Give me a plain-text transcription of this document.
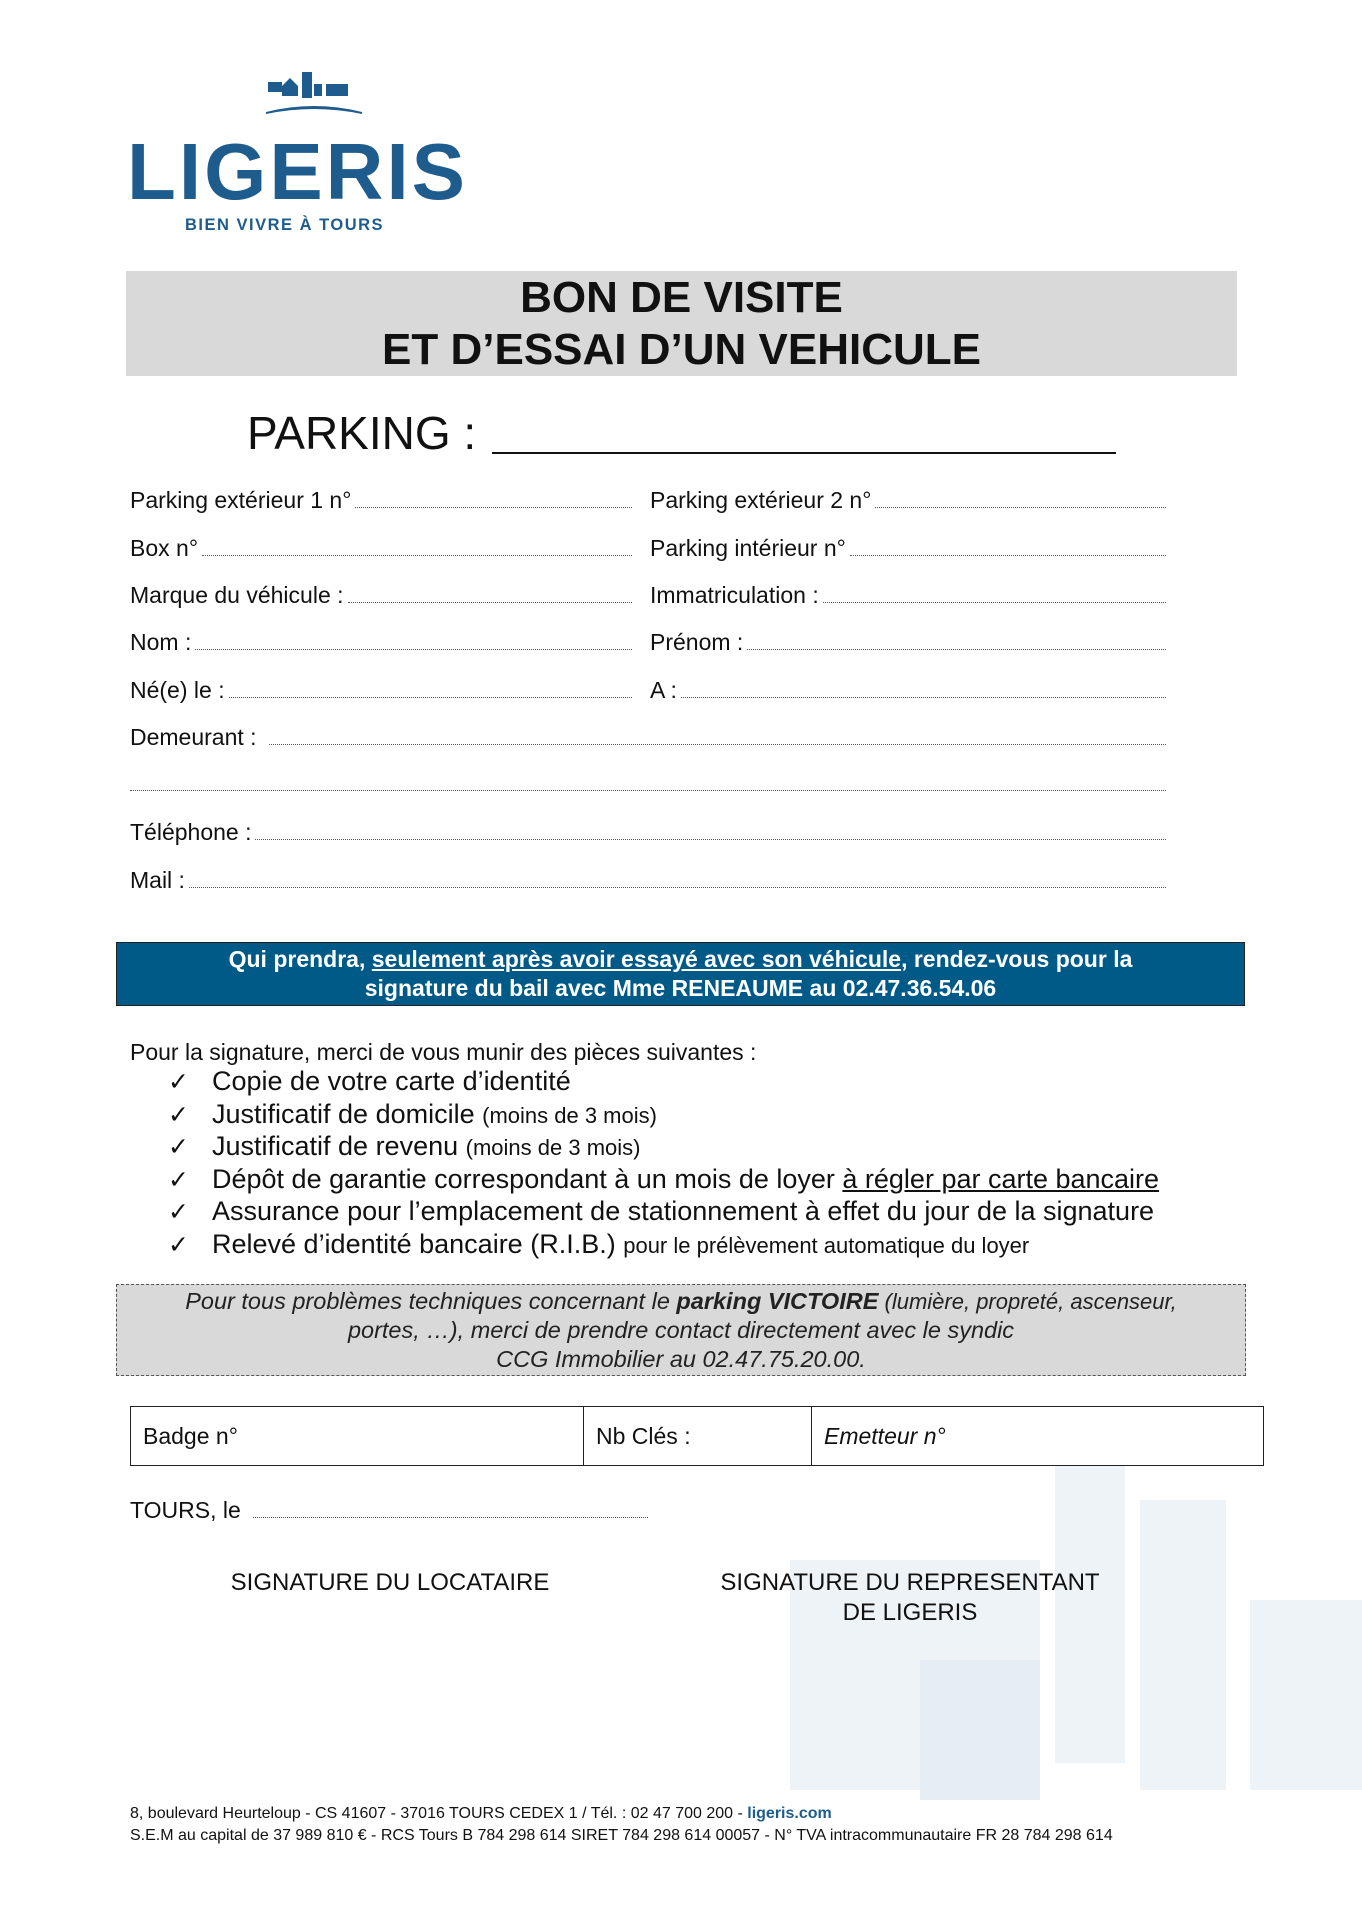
LIGERIS
BIEN VIVRE À TOURS
BON DE VISITE
ET D’ESSAI D’UN VEHICULE
PARKING :
Parking extérieur 1 n°	Parking extérieur 2 n°
Box n°	Parking intérieur n°
Marque du véhicule :	Immatriculation :
Nom :	Prénom :
Né(e) le :	A :
Demeurant :
Téléphone :
Mail :
Qui prendra, seulement après avoir essayé avec son véhicule, rendez-vous pour la
signature du bail avec Mme RENEAUME au 02.47.36.54.06
Pour la signature, merci de vous munir des pièces suivantes :
✓ Copie de votre carte d’identité
✓ Justificatif de domicile
(moins de 3 mois)
✓ Justificatif de revenu
(moins de 3 mois)
✓ Dépôt de garantie correspondant à un mois de loyer à régler par carte bancaire
✓ Assurance pour l’emplacement de stationnement à effet du jour de la signature
✓ Relevé d’identité bancaire (R.I.B.)
pour le prélèvement automatique du loyer
Pour tous problèmes techniques concernant le parking VICTOIRE (lumière, propreté, ascenseur,
portes, …), merci de prendre contact directement avec le syndic
CCG Immobilier au 02.47.75.20.00.
Badge n°	Nb Clés :	Emetteur n°
TOURS, le
SIGNATURE DU LOCATAIRE	SIGNATURE DU REPRESENTANT
DE LIGERIS
8, boulevard Heurteloup - CS 41607 - 37016 TOURS CEDEX 1 / Tél. : 02 47 700 200 - ligeris.com
S.E.M au capital de 37 989 810 € - RCS Tours B 784 298 614 SIRET 784 298 614 00057 - N° TVA intracommunautaire FR 28 784 298 614
